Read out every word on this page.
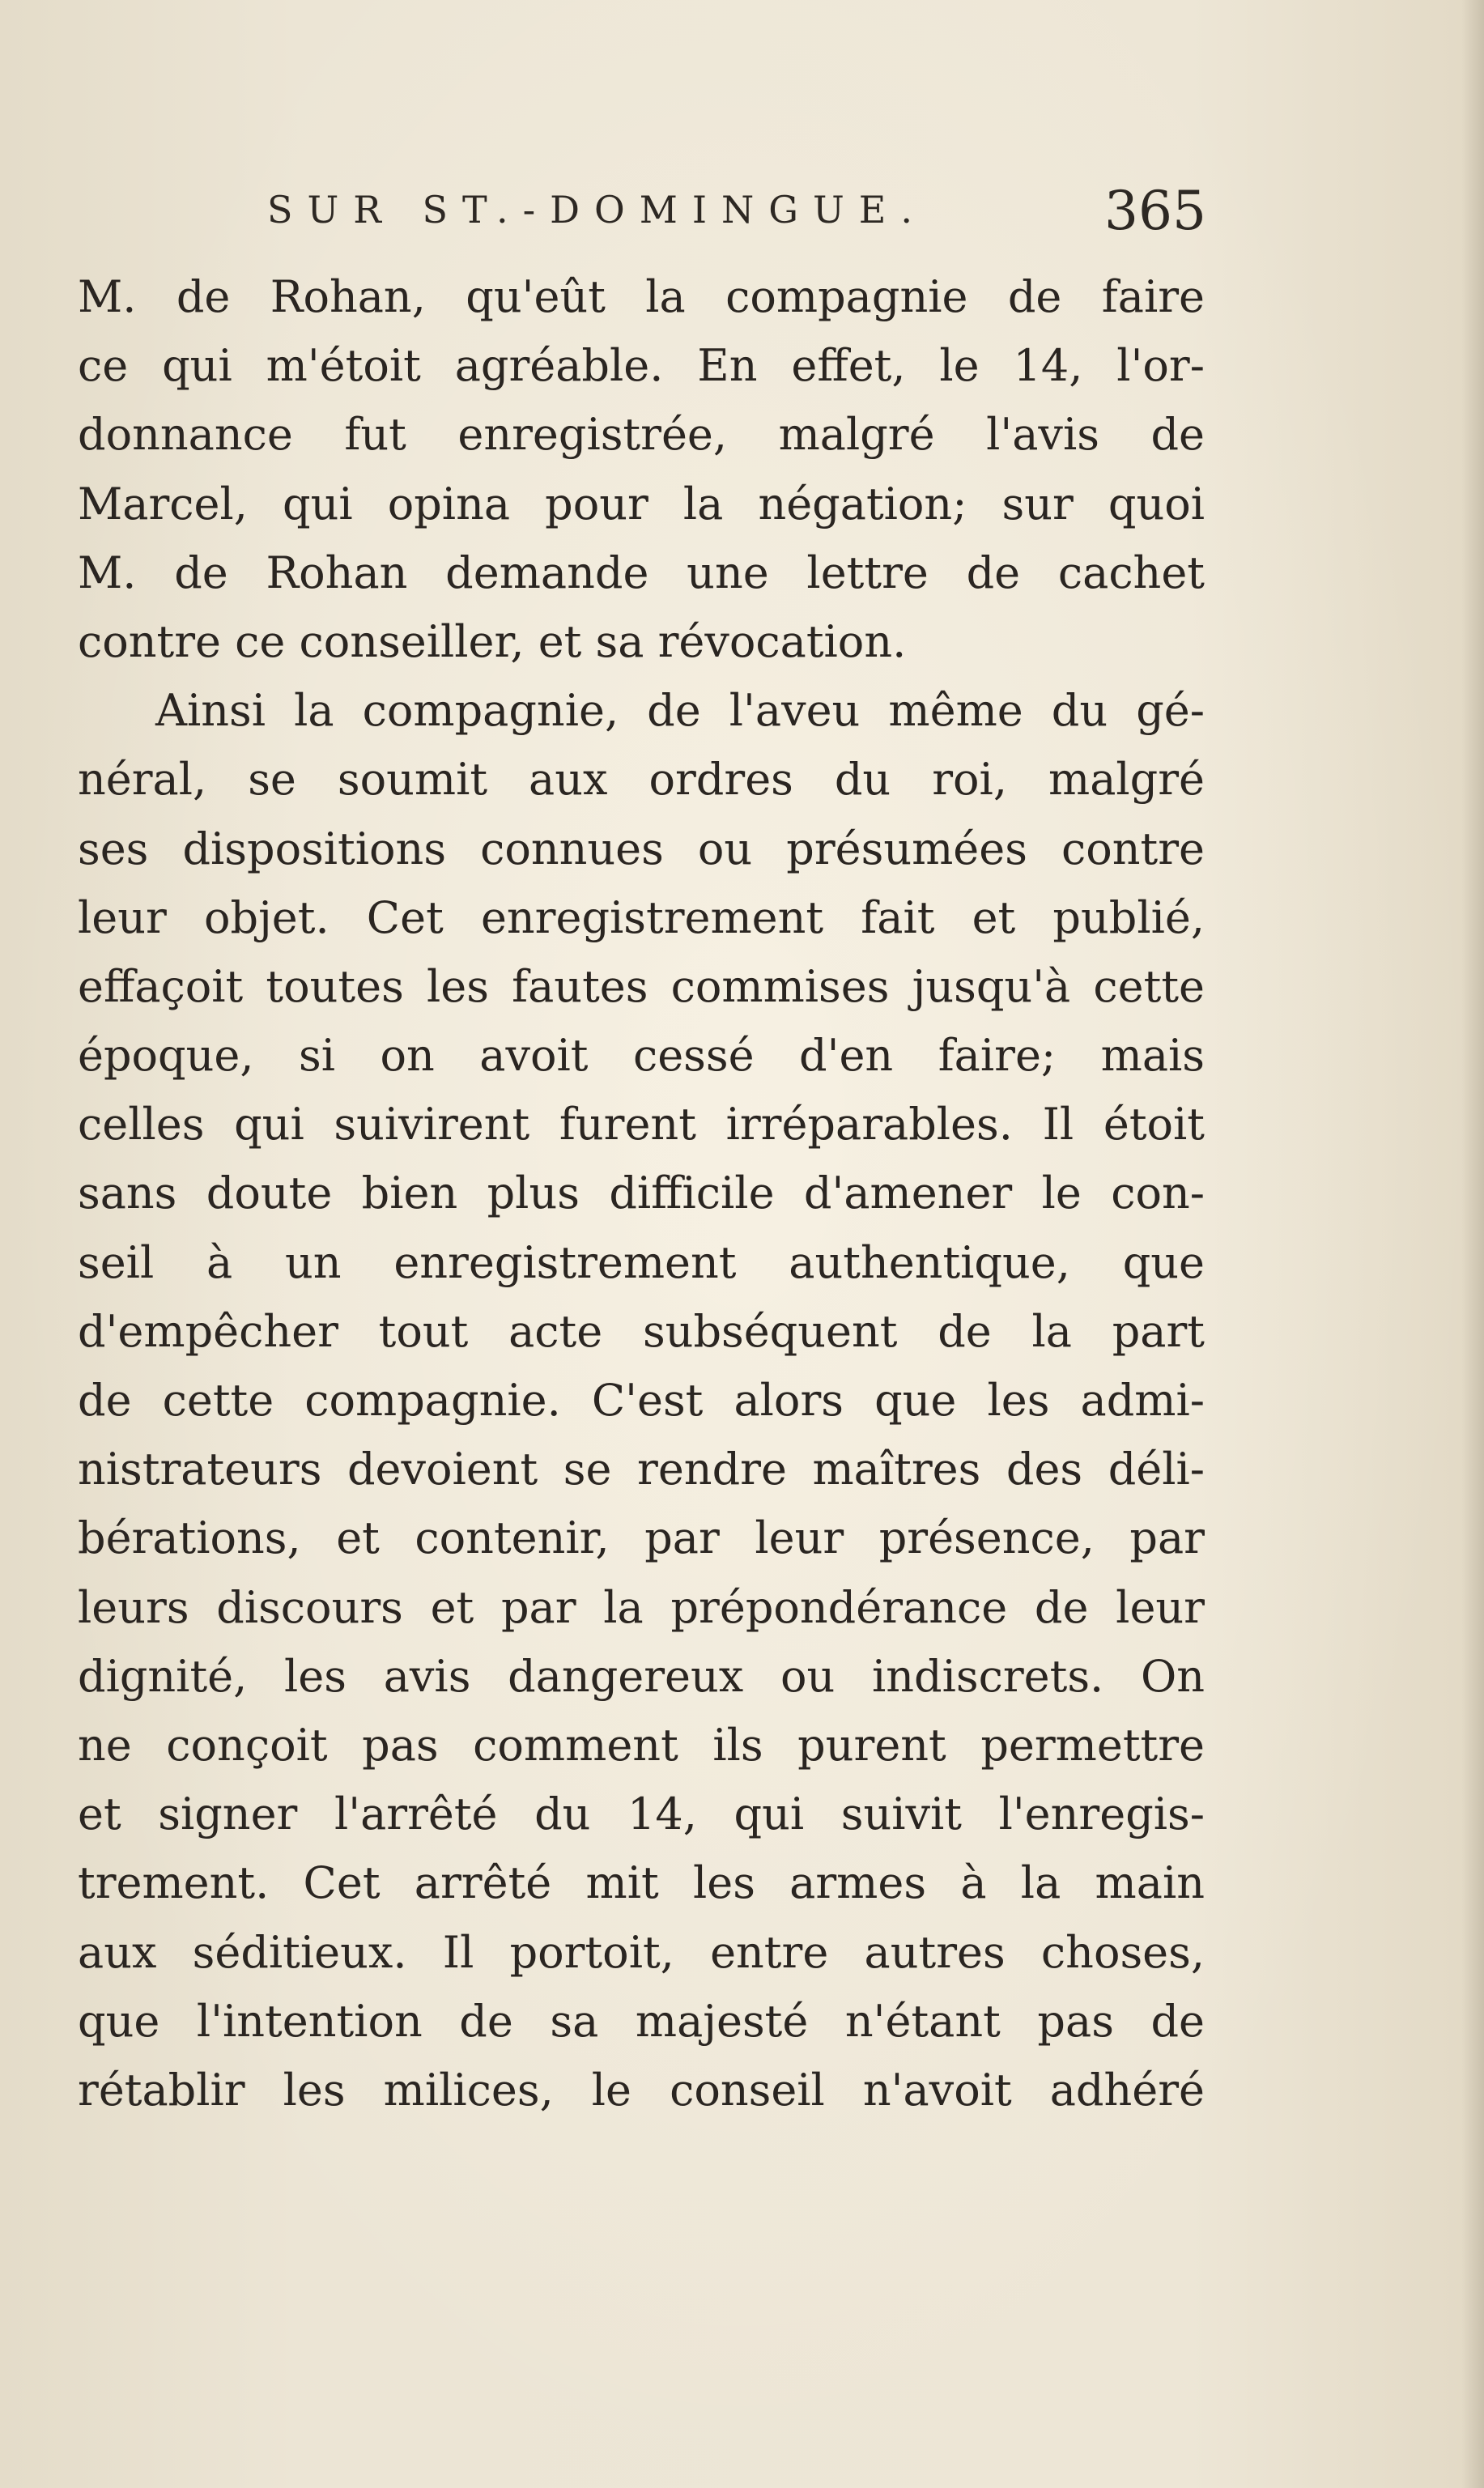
SUR ST.-DOMINGUE.	365
M. de Rohan, qu'eût la compagnie de faire
ce qui m'étoit agréable. En effet, le 14, l'or-
donnance fut enregistrée, malgré l'avis de
Marcel, qui opina pour la négation; sur quoi
M. de Rohan demande une lettre de cachet
contre ce conseiller, et sa révocation.
Ainsi la compagnie, de l'aveu même du gé-
néral, se soumit aux ordres du roi, malgré
ses dispositions connues ou présumées contre
leur objet. Cet enregistrement fait et publié,
effaçoit toutes les fautes commises jusqu'à cette
époque, si on avoit cessé d'en faire; mais
celles qui suivirent furent irréparables. Il étoit
sans doute bien plus difficile d'amener le con-
seil à un enregistrement authentique, que
d'empêcher tout acte subséquent de la part
de cette compagnie. C'est alors que les admi-
nistrateurs devoient se rendre maîtres des déli-
bérations, et contenir, par leur présence, par
leurs discours et par la prépondérance de leur
dignité, les avis dangereux ou indiscrets. On
ne conçoit pas comment ils purent permettre
et signer l'arrêté du 14, qui suivit l'enregis-
trement. Cet arrêté mit les armes à la main
aux séditieux. Il portoit, entre autres choses,
que l'intention de sa majesté n'étant pas de
rétablir les milices, le conseil n'avoit adhéré
